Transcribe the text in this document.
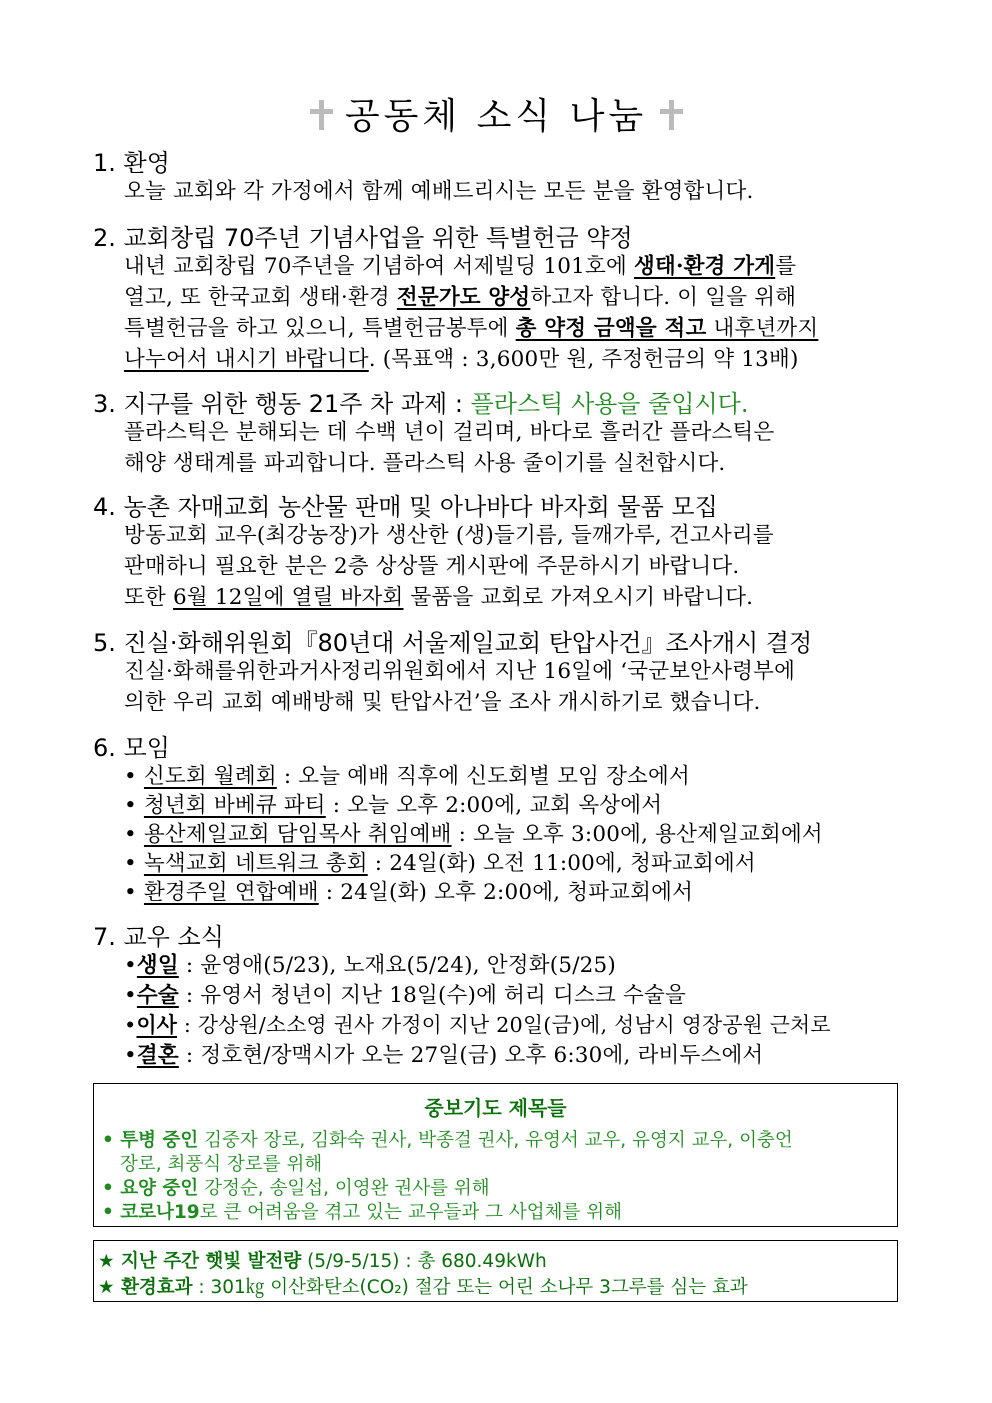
공동체 소식 나눔
1. 환영
오늘 교회와 각 가정에서 함께 예배드리시는 모든 분을 환영합니다.
2. 교회창립 70주년 기념사업을 위한 특별헌금 약정
내년 교회창립 70주년을 기념하여 서제빌딩 101호에 생태·환경 가게를
열고, 또 한국교회 생태·환경 전문가도 양성하고자 합니다. 이 일을 위해
특별헌금을 하고 있으니, 특별헌금봉투에 총 약정 금액을 적고 내후년까지
나누어서 내시기 바랍니다. (목표액 : 3,600만 원, 주정헌금의 약 13배)
3. 지구를 위한 행동 21주 차 과제 : 플라스틱 사용을 줄입시다.
플라스틱은 분해되는 데 수백 년이 걸리며, 바다로 흘러간 플라스틱은
해양 생태계를 파괴합니다. 플라스틱 사용 줄이기를 실천합시다.
4. 농촌 자매교회 농산물 판매 및 아나바다 바자회 물품 모집
방동교회 교우(최강농장)가 생산한 (생)들기름, 들깨가루, 건고사리를
판매하니 필요한 분은 2층 상상뜰 게시판에 주문하시기 바랍니다.
또한 6월 12일에 열릴 바자회 물품을 교회로 가져오시기 바랍니다.
5. 진실·화해위원회『80년대 서울제일교회 탄압사건』조사개시 결정
진실·화해를위한과거사정리위원회에서 지난 16일에 ‘국군보안사령부에
의한 우리 교회 예배방해 및 탄압사건’을 조사 개시하기로 했습니다.
6. 모임
• 신도회 월례회 : 오늘 예배 직후에 신도회별 모임 장소에서
• 청년회 바베큐 파티 : 오늘 오후 2:00에, 교회 옥상에서
• 용산제일교회 담임목사 취임예배 : 오늘 오후 3:00에, 용산제일교회에서
• 녹색교회 네트워크 총회 : 24일(화) 오전 11:00에, 청파교회에서
• 환경주일 연합예배 : 24일(화) 오후 2:00에, 청파교회에서
7. 교우 소식
•생일 : 윤영애(5/23), 노재요(5/24), 안정화(5/25)
•수술 : 유영서 청년이 지난 18일(수)에 허리 디스크 수술을
•이사 : 강상원/소소영 권사 가정이 지난 20일(금)에, 성남시 영장공원 근처로
•결혼 : 정호현/장맥시가 오는 27일(금) 오후 6:30에, 라비두스에서
중보기도 제목들
• 투병 중인 김중자 장로, 김화숙 권사, 박종걸 권사, 유영서 교우, 유영지 교우, 이충언
장로, 최풍식 장로를 위해
• 요양 중인 강정순, 송일섭, 이영완 권사를 위해
• 코로나19로 큰 어려움을 겪고 있는 교우들과 그 사업체를 위해
★ 지난 주간 햇빛 발전량 (5/9-5/15) : 총 680.49kWh
★ 환경효과 : 301㎏ 이산화탄소(CO₂) 절감 또는 어린 소나무 3그루를 심는 효과
